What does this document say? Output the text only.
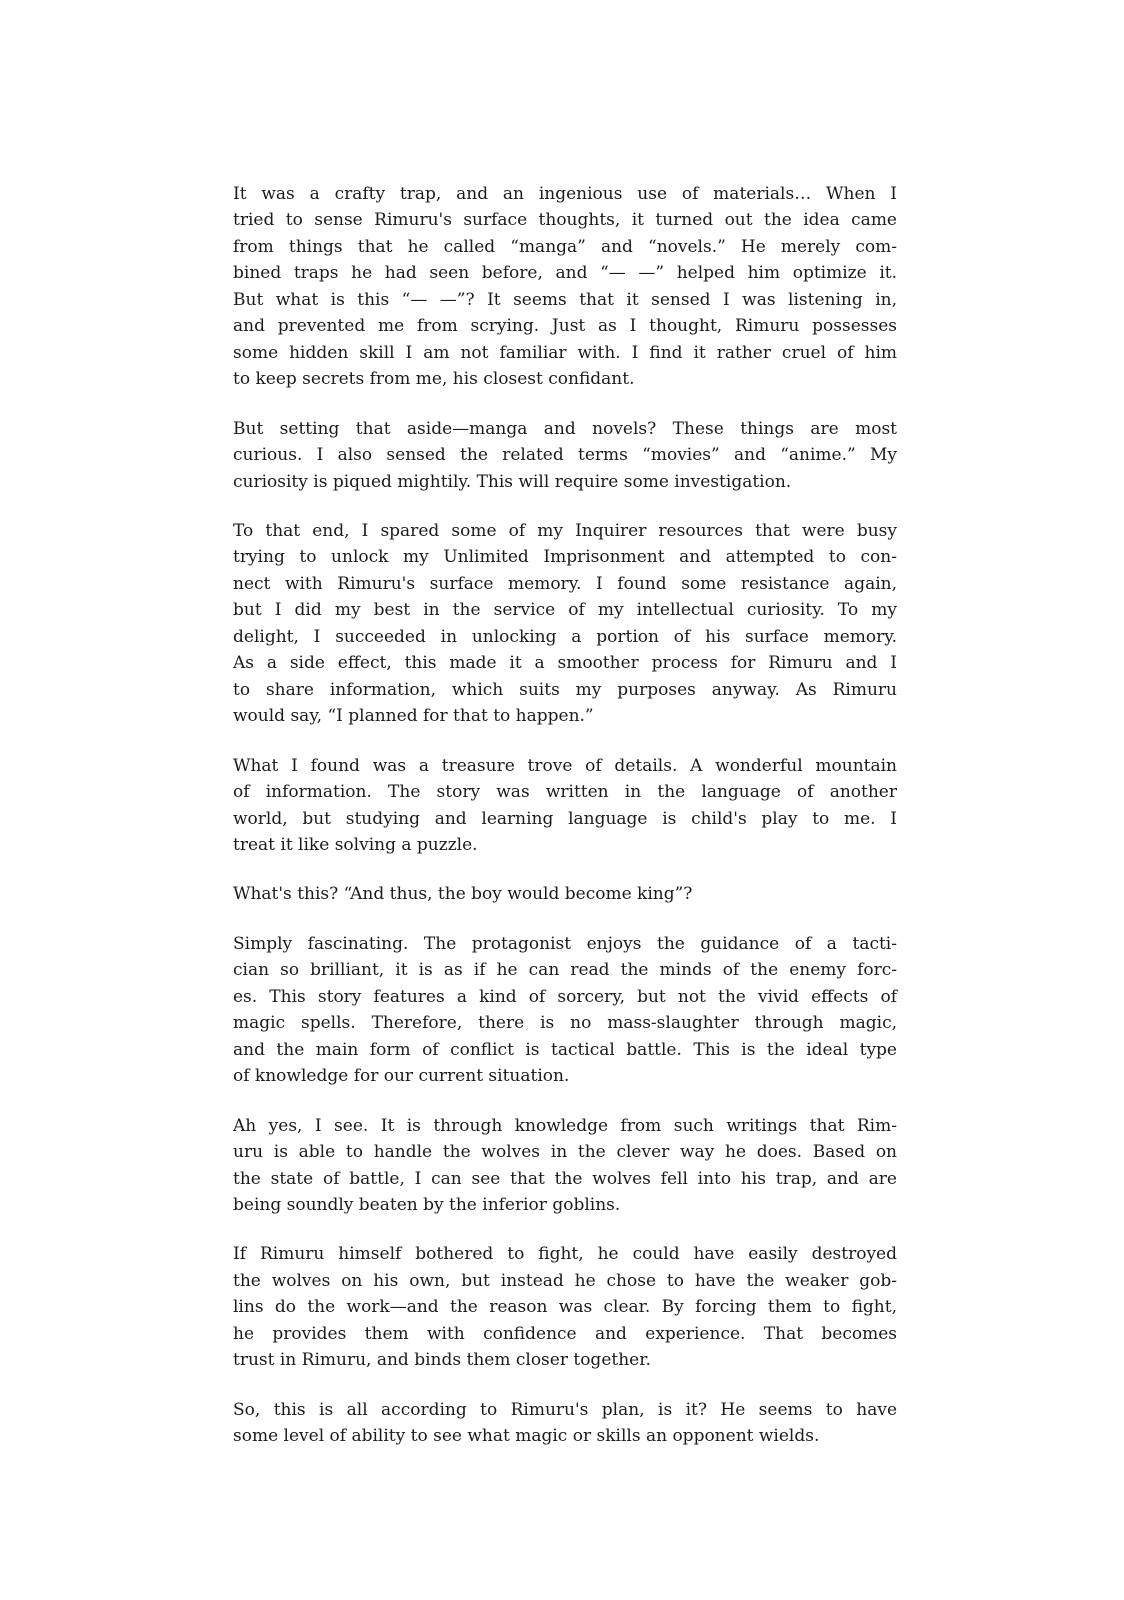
It was a crafty trap, and an ingenious use of materials… When I
tried to sense Rimuru's surface thoughts, it turned out the idea came
from things that he called “manga” and “novels.” He merely com-
bined traps he had seen before, and “— —” helped him optimize it.
But what is this “— —”? It seems that it sensed I was listening in,
and prevented me from scrying. Just as I thought, Rimuru possesses
some hidden skill I am not familiar with. I find it rather cruel of him
to keep secrets from me, his closest confidant.

But setting that aside—manga and novels? These things are most
curious. I also sensed the related terms “movies” and “anime.” My
curiosity is piqued mightily. This will require some investigation.

To that end, I spared some of my Inquirer resources that were busy
trying to unlock my Unlimited Imprisonment and attempted to con-
nect with Rimuru's surface memory. I found some resistance again,
but I did my best in the service of my intellectual curiosity. To my
delight, I succeeded in unlocking a portion of his surface memory.
As a side effect, this made it a smoother process for Rimuru and I
to share information, which suits my purposes anyway. As Rimuru
would say, “I planned for that to happen.”

What I found was a treasure trove of details. A wonderful mountain
of information. The story was written in the language of another
world, but studying and learning language is child's play to me. I
treat it like solving a puzzle.

What's this? “And thus, the boy would become king”?

Simply fascinating. The protagonist enjoys the guidance of a tacti-
cian so brilliant, it is as if he can read the minds of the enemy forc-
es. This story features a kind of sorcery, but not the vivid effects of
magic spells. Therefore, there is no mass-slaughter through magic,
and the main form of conflict is tactical battle. This is the ideal type
of knowledge for our current situation.

Ah yes, I see. It is through knowledge from such writings that Rim-
uru is able to handle the wolves in the clever way he does. Based on
the state of battle, I can see that the wolves fell into his trap, and are
being soundly beaten by the inferior goblins.

If Rimuru himself bothered to fight, he could have easily destroyed
the wolves on his own, but instead he chose to have the weaker gob-
lins do the work—and the reason was clear. By forcing them to fight,
he provides them with confidence and experience. That becomes
trust in Rimuru, and binds them closer together.

So, this is all according to Rimuru's plan, is it? He seems to have
some level of ability to see what magic or skills an opponent wields.
